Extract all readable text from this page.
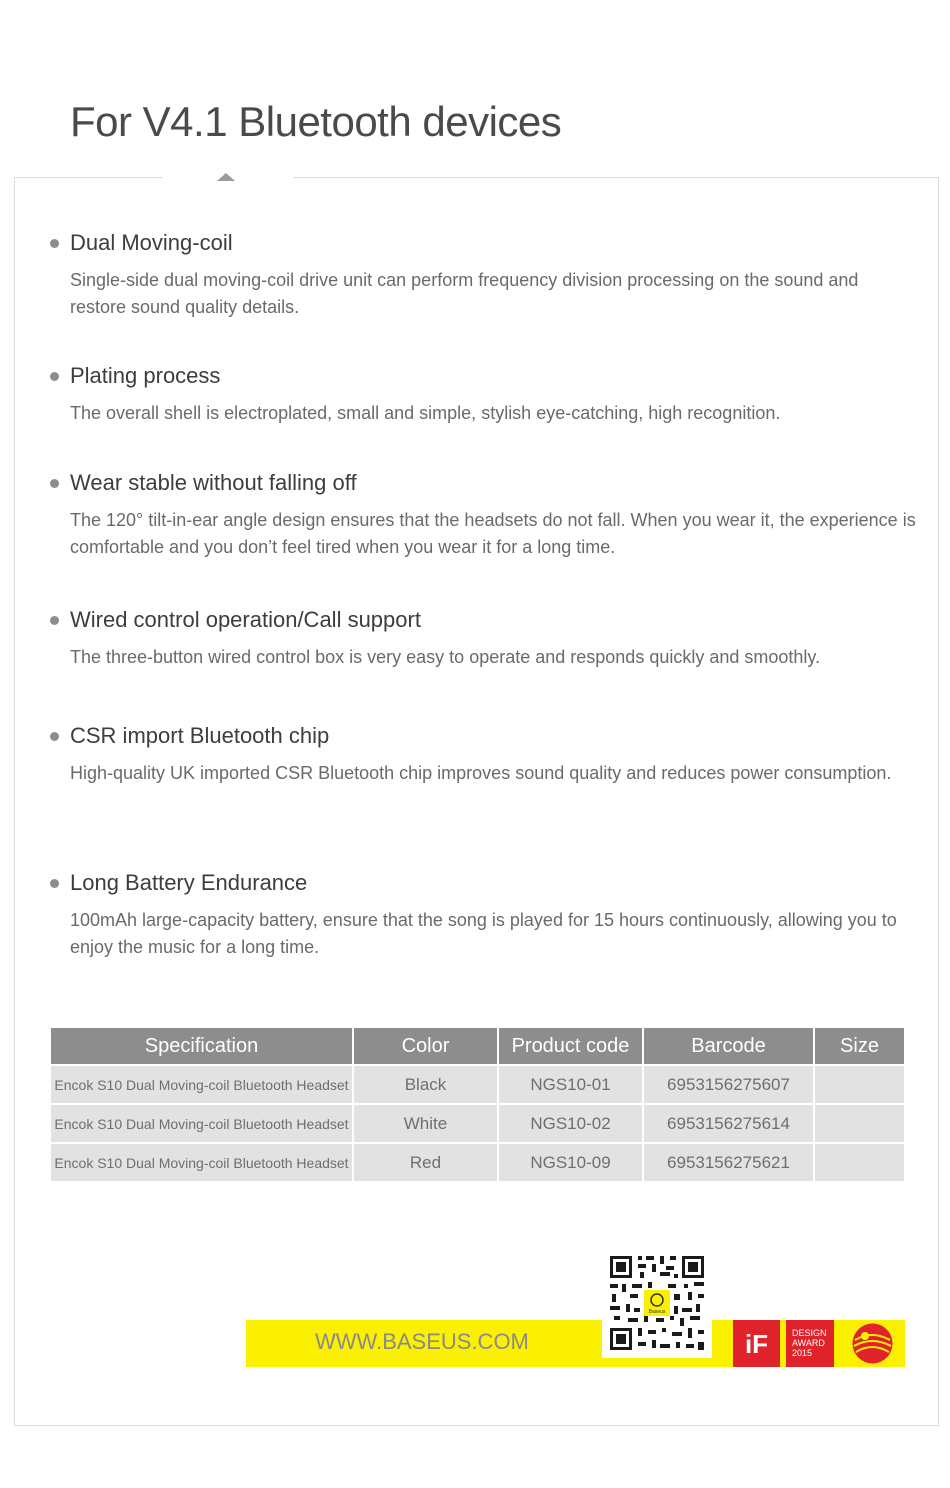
For V4.1 Bluetooth devices
Dual Moving-coil

Single-side dual moving-coil drive unit can perform frequency division processing on the sound and restore sound quality details.

Plating process

The overall shell is electroplated, small and simple, stylish eye-catching, high recognition.

Wear stable without falling off

The 120° tilt-in-ear angle design ensures that the headsets do not fall. When you wear it, the experience is comfortable and you don’t feel tired when you wear it for a long time.

Wired control operation/Call support

The three-button wired control box is very easy to operate and responds quickly and smoothly.

CSR import Bluetooth chip

High-quality UK imported CSR Bluetooth chip improves sound quality and reduces power consumption.

Long Battery Endurance

100mAh large-capacity battery, ensure that the song is played for 15 hours continuously, allowing you to enjoy the music for a long time.

Specification	Color	Product code	Barcode	Size
Encok S10 Dual Moving-coil Bluetooth Headset	Black	NGS10-01	6953156275607	
Encok S10 Dual Moving-coil Bluetooth Headset	White	NGS10-02	6953156275614	
Encok S10 Dual Moving-coil Bluetooth Headset	Red	NGS10-09	6953156275621	
WWW.BASEUS.COM
Baseus
iF	DESIGN
AWARD
2015
